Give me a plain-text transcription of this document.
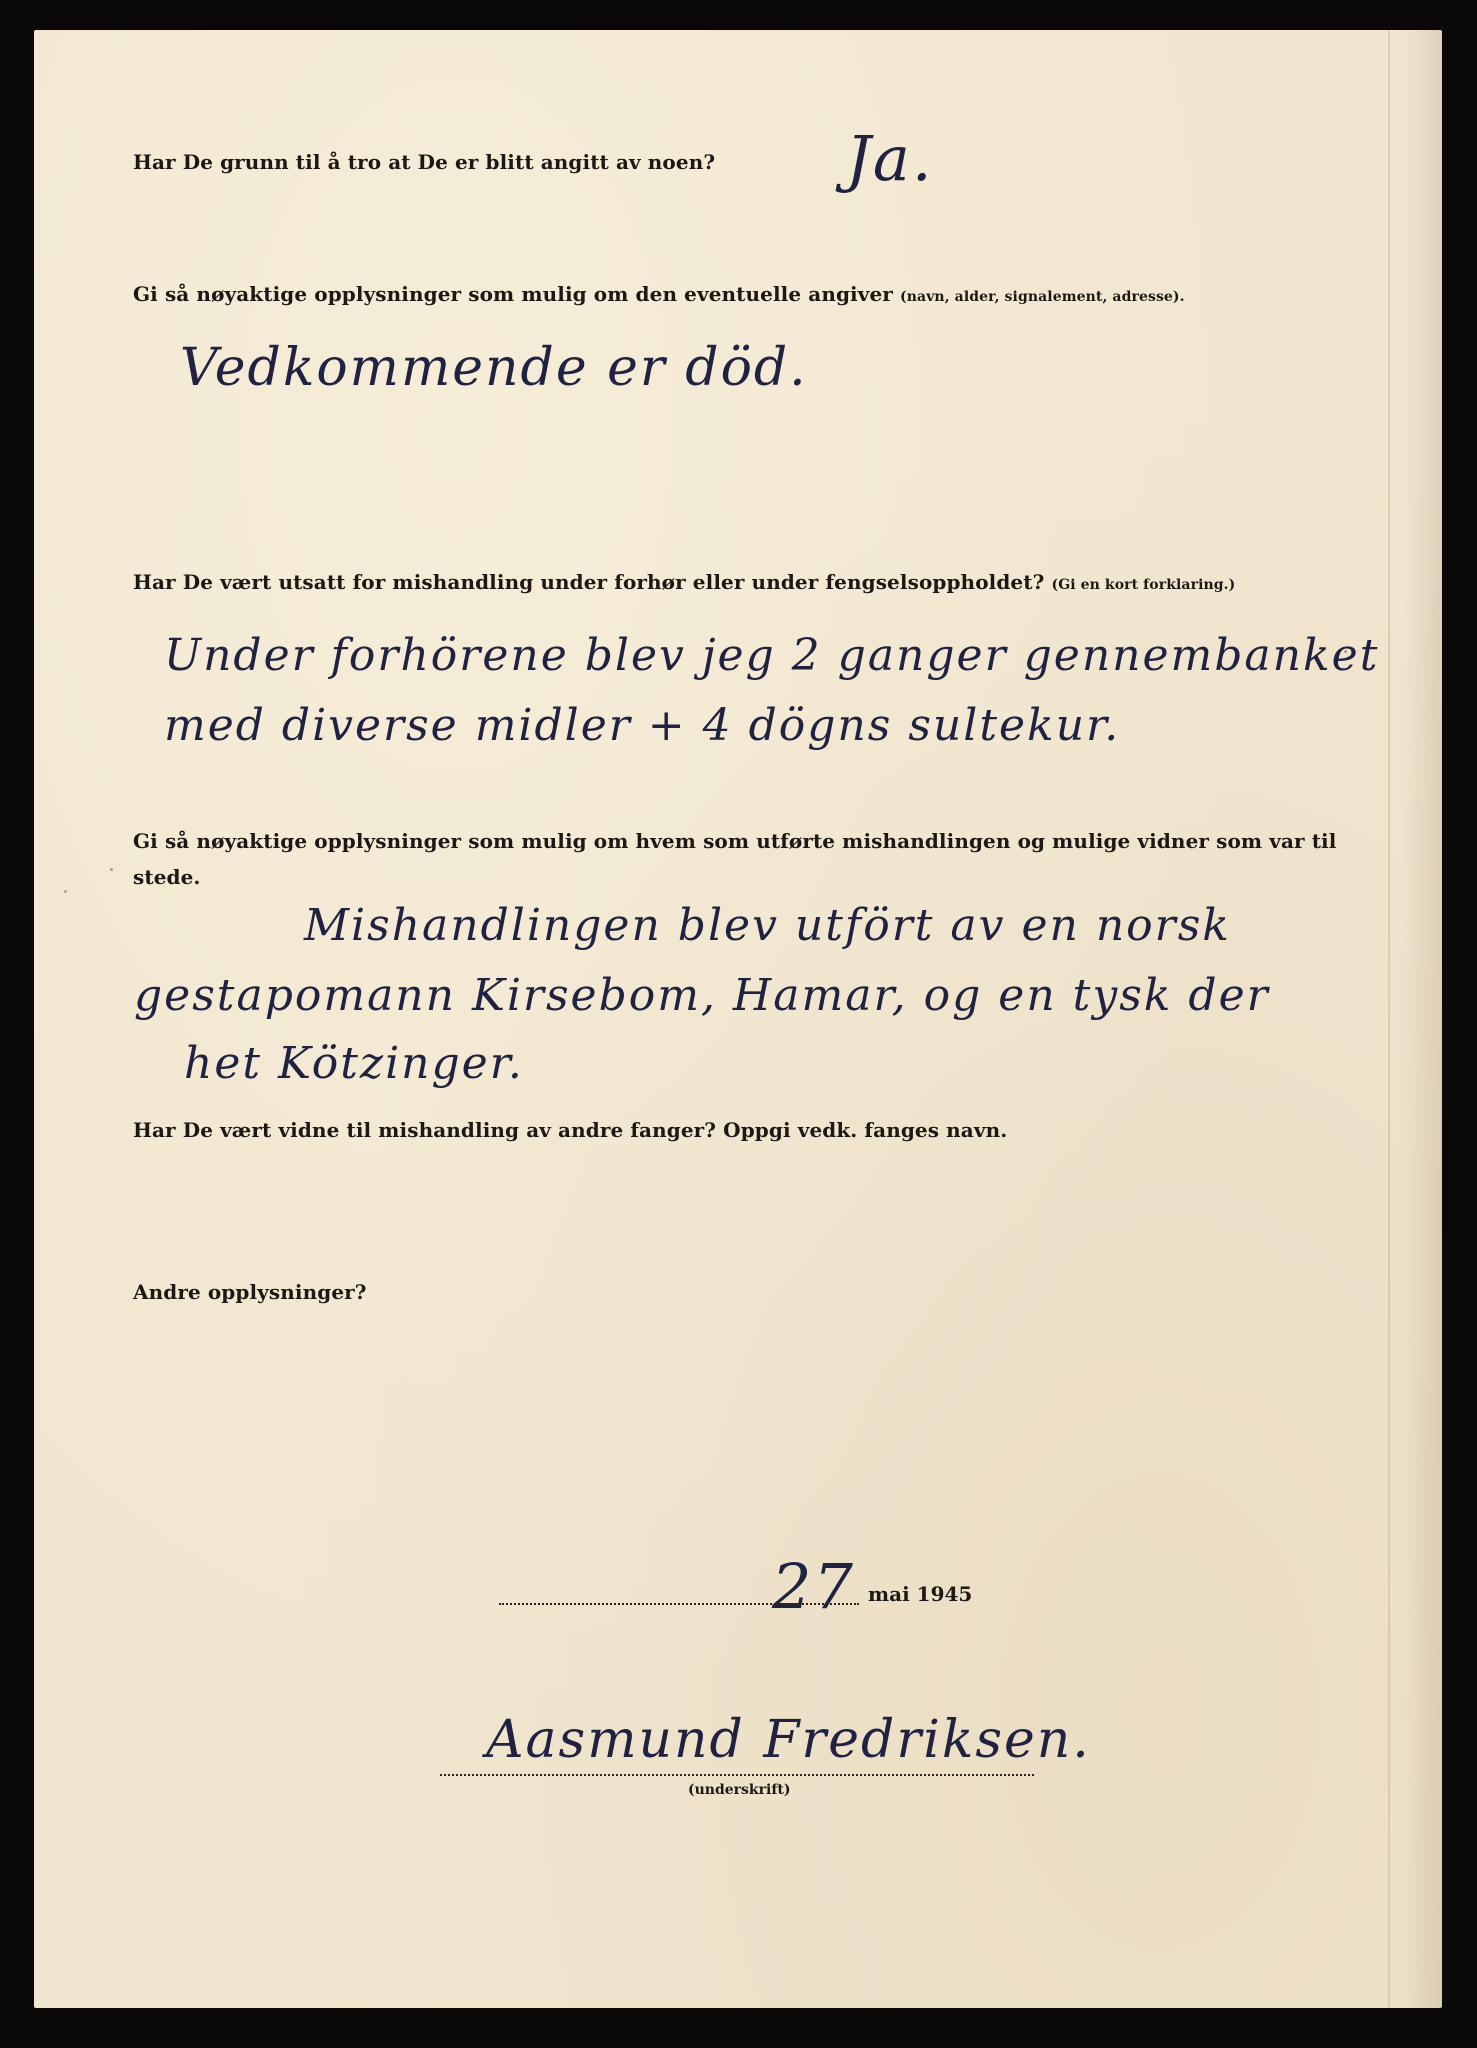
Har De grunn til å tro at De er blitt angitt av noen? Ja.
Gi så nøyaktige opplysninger som mulig om den eventuelle angiver (navn, alder, signalement, adresse).
Vedkommende er död.
Har De vært utsatt for mishandling under forhør eller under fengselsoppholdet? (Gi en kort forklaring.)
Under forhörene blev jeg 2 ganger gennembanket
med diverse midler + 4 dögns sultekur.
Gi så nøyaktige opplysninger som mulig om hvem som utførte mishandlingen og mulige vidner som var til stede.
Mishandlingen blev utfört av en norsk
gestapomann Kirsebom, Hamar, og en tysk der
het Kötzinger.
Har De vært vidne til mishandling av andre fanger? Oppgi vedk. fanges navn.
Andre opplysninger?
27 mai 1945
Aasmund Fredriksen.
(underskrift)
